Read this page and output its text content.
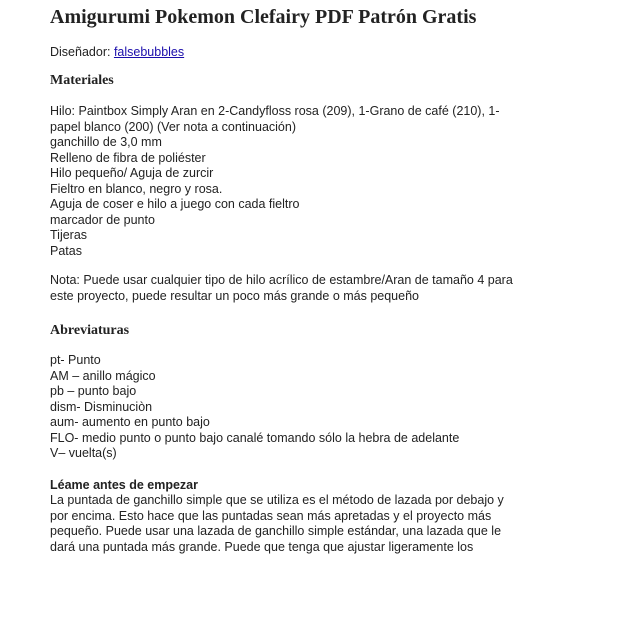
Amigurumi Pokemon Clefairy PDF Patrón Gratis
Diseñador: falsebubbles
Materiales
Hilo: Paintbox Simply Aran en 2-Candyfloss rosa (209), 1-Grano de café (210), 1-
papel blanco (200) (Ver nota a continuación)
ganchillo de 3,0 mm
Relleno de fibra de poliéster
Hilo pequeño/ Aguja de zurcir
Fieltro en blanco, negro y rosa.
Aguja de coser e hilo a juego con cada fieltro
marcador de punto
Tijeras
Patas
Nota: Puede usar cualquier tipo de hilo acrílico de estambre/Aran de tamaño 4 para
este proyecto, puede resultar un poco más grande o más pequeño
Abreviaturas
pt- Punto
AM – anillo mágico
pb – punto bajo
dism- Disminuciòn
aum- aumento en punto bajo
FLO- medio punto o punto bajo canalé tomando sólo la hebra de adelante
V– vuelta(s)
Léame antes de empezar
La puntada de ganchillo simple que se utiliza es el método de lazada por debajo y
por encima. Esto hace que las puntadas sean más apretadas y el proyecto más
pequeño. Puede usar una lazada de ganchillo simple estándar, una lazada que le
dará una puntada más grande. Puede que tenga que ajustar ligeramente los
